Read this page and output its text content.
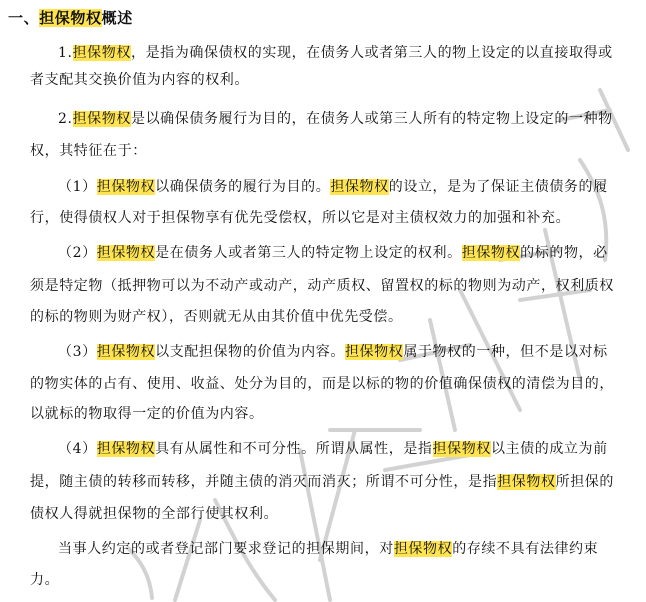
一、担保物权概述
1.担保物权，是指为确保债权的实现，在债务人或者第三人的物上设定的以直接取得或
者支配其交换价值为内容的权利。
2.担保物权是以确保债务履行为目的，在债务人或第三人所有的特定物上设定的一种物
权，其特征在于：
（1）担保物权以确保债务的履行为目的。担保物权的设立，是为了保证主债债务的履
行，使得债权人对于担保物享有优先受偿权，所以它是对主债权效力的加强和补充。
（2）担保物权是在债务人或者第三人的特定物上设定的权利。担保物权的标的物，必
须是特定物（抵押物可以为不动产或动产，动产质权、留置权的标的物则为动产，权利质权
的标的物则为财产权），否则就无从由其价值中优先受偿。
（3）担保物权以支配担保物的价值为内容。担保物权属于物权的一种，但不是以对标
的物实体的占有、使用、收益、处分为目的，而是以标的物的价值确保债权的清偿为目的，
以就标的物取得一定的价值为内容。
（4）担保物权具有从属性和不可分性。所谓从属性，是指担保物权以主债的成立为前
提，随主债的转移而转移，并随主债的消灭而消灭；所谓不可分性，是指担保物权所担保的
债权人得就担保物的全部行使其权利。
当事人约定的或者登记部门要求登记的担保期间，对担保物权的存续不具有法律约束
力。
